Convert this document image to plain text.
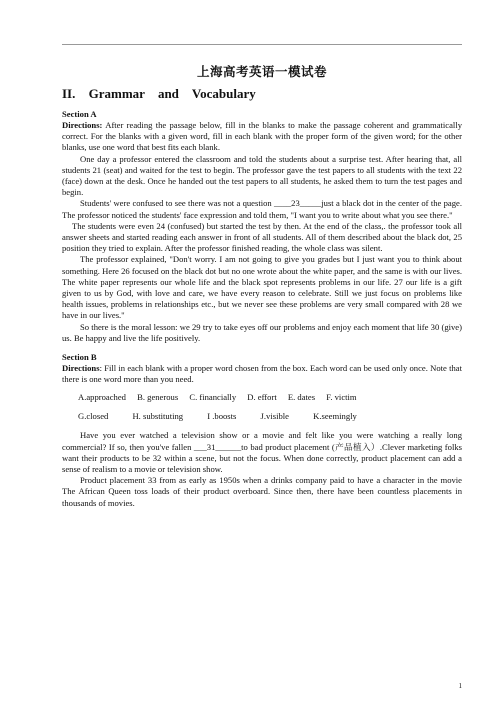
上海高考英语一模试卷
II. Grammar and Vocabulary
Section A

Directions: After reading the passage below, fill in the blanks to make the passage coherent and grammatically correct. For the blanks with a given word, fill in each blank with the proper form of the given word; for the other blanks, use one word that best fits each blank.

One day a professor entered the classroom and told the students about a surprise test. After hearing that, all students 21 (seat) and waited for the test to begin. The professor gave the test papers to all students with the text 22 (face) down at the desk. Once he handed out the test papers to all students, he asked them to turn the test pages and begin.

Students' were confused to see there was not a question ____23_____just a black dot in the center of the page. The professor noticed the students' face expression and told them, "I want you to write about what you see there."

The students were even 24 (confused) but started the test by then. At the end of the class,. the professor took all answer sheets and started reading each answer in front of all students. All of them described about the black dot, 25 position they tried to explain. After the professor finished reading, the whole class was silent.

The professor explained, "Don't worry. I am not going to give you grades but I just want you to think about something. Here 26 focused on the black dot but no one wrote about the white paper, and the same is with our lives. The white paper represents our whole life and the black spot represents problems in our life. 27 our life is a gift given to us by God, with love and care, we have every reason to celebrate. Still we just focus on problems like health issues, problems in relationships etc., but we never see these problems are very small compared with 28 we have in our lives."

So there is the moral lesson: we 29 try to take eyes off our problems and enjoy each moment that life 30 (give) us. Be happy and live the life positively.

Section B

Directions: Fill in each blank with a proper word chosen from the box. Each word can be used only once. Note that there is one word more than you need.

A.approached B. generous C. financially D. effort E. dates F. victim
G.closed	H. substituting	I .boosts	J.visible	K.seemingly

Have you ever watched a television show or a movie and felt like you were watching a really long commercial? If so, then you've fallen ___31______to bad product placement (产品植入）.Clever marketing folks want their products to be 32 within a scene, but not the focus. When done correctly, product placement can add a sense of realism to a movie or television show.

Product placement 33 from as early as 1950s when a drinks company paid to have a character in the movie The African Queen toss loads of their product overboard. Since then, there have been countless placements in thousands of movies.

1
